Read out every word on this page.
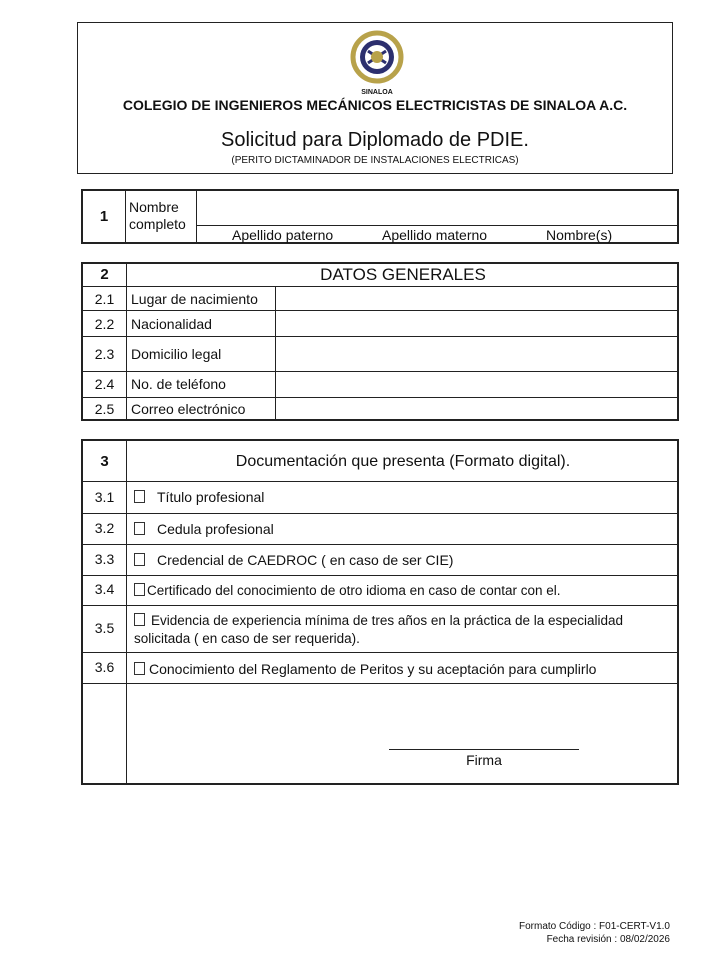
SINALOA
COLEGIO DE INGENIEROS MECÁNICOS ELECTRICISTAS DE SINALOA A.C.
Solicitud para Diplomado de PDIE.
(PERITO DICTAMINADOR DE INSTALACIONES ELECTRICAS)
1
Nombre completo
Apellido paterno	Apellido materno	Nombre(s)
2	DATOS GENERALES
2.1	Lugar de nacimiento
2.2	Nacionalidad
2.3	Domicilio legal
2.4	No. de teléfono
2.5	Correo electrónico
3	Documentación que presenta (Formato digital).
3.1	Título profesional
3.2	Cedula profesional
3.3	Credencial de CAEDROC ( en caso de ser CIE)
3.4	Certificado del conocimiento de otro idioma en caso de contar con el.
3.5	Evidencia de experiencia mínima de tres años en la práctica de la especialidad
solicitada ( en caso de ser requerida).
3.6	Conocimiento del Reglamento de Peritos y su aceptación para cumplirlo
Firma
Formato Código : F01-CERT-V1.0
Fecha revisión : 08/02/2026
